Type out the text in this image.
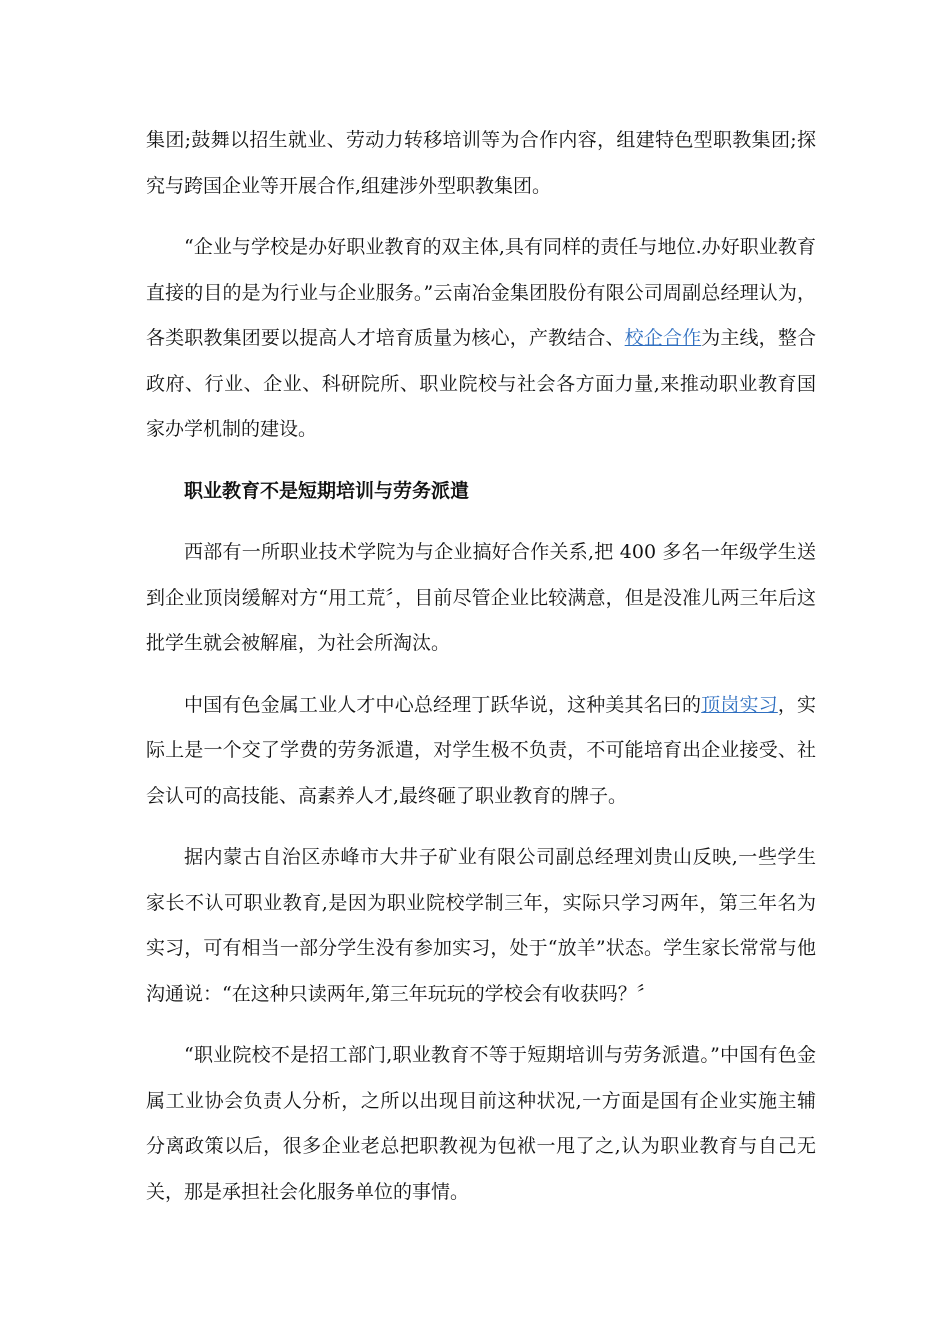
集团;鼓舞以招生就业、劳动力转移培训等为合作内容，组建特色型职教集团;探究与跨国企业等开展合作,组建涉外型职教集团。

“企业与学校是办好职业教育的双主体,具有同样的责任与地位.办好职业教育直接的目的是为行业与企业服务。”云南冶金集团股份有限公司周副总经理认为，各类职教集团要以提高人才培育质量为核心，产教结合、校企合作为主线，整合政府、行业、企业、科研院所、职业院校与社会各方面力量,来推动职业教育国家办学机制的建设。

职业教育不是短期培训与劳务派遣

西部有一所职业技术学院为与企业搞好合作关系,把 400 多名一年级学生送到企业顶岗缓解对方“用工荒〞，目前尽管企业比较满意，但是没准儿两三年后这批学生就会被解雇，为社会所淘汰。

中国有色金属工业人才中心总经理丁跃华说，这种美其名曰的顶岗实习，实际上是一个交了学费的劳务派遣，对学生极不负责，不可能培育出企业接受、社会认可的高技能、高素养人才,最终砸了职业教育的牌子。

据内蒙古自治区赤峰市大井子矿业有限公司副总经理刘贵山反映,一些学生家长不认可职业教育,是因为职业院校学制三年，实际只学习两年，第三年名为实习，可有相当一部分学生没有参加实习，处于“放羊”状态。学生家长常常与他沟通说：“在这种只读两年,第三年玩玩的学校会有收获吗？〞

“职业院校不是招工部门,职业教育不等于短期培训与劳务派遣。”中国有色金属工业协会负责人分析，之所以出现目前这种状况,一方面是国有企业实施主辅分离政策以后，很多企业老总把职教视为包袱一甩了之,认为职业教育与自己无关，那是承担社会化服务单位的事情。
